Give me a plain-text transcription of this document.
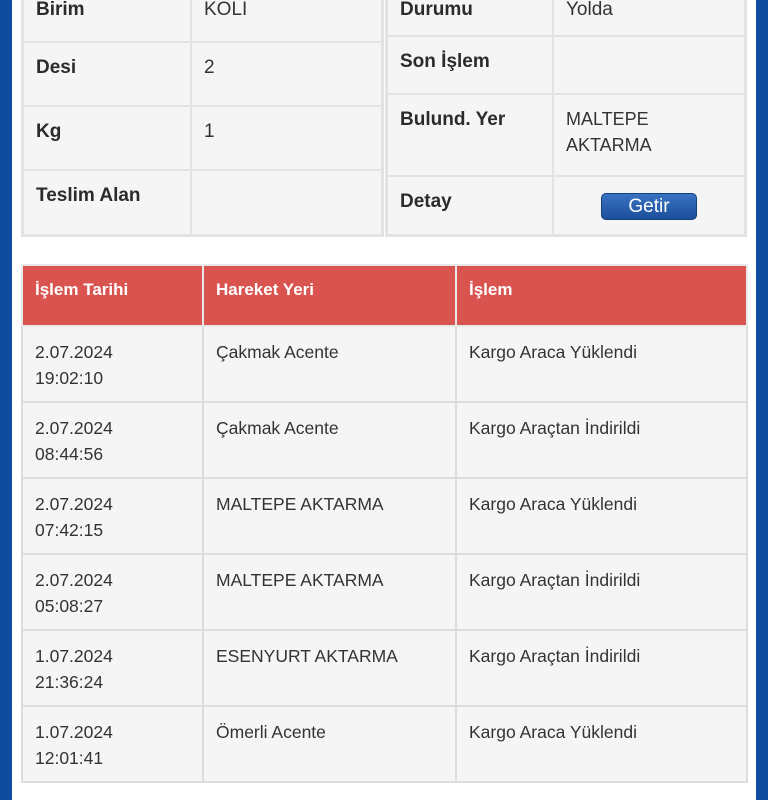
Birim	KOLİ

Desi	2

Kg	1

Teslim Alan	

Durumu	Yolda

Son İşlem	

Bulund. Yer	MALTEPE
AKTARMA

Detay	Getir
İşlem Tarihi	Hareket Yeri	İşlem

2.07.2024
19:02:10	Çakmak Acente	Kargo Araca Yüklendi

2.07.2024
08:44:56	Çakmak Acente	Kargo Araçtan İndirildi

2.07.2024
07:42:15	MALTEPE AKTARMA	Kargo Araca Yüklendi

2.07.2024
05:08:27	MALTEPE AKTARMA	Kargo Araçtan İndirildi

1.07.2024
21:36:24	ESENYURT AKTARMA	Kargo Araçtan İndirildi

1.07.2024
12:01:41	Ömerli Acente	Kargo Araca Yüklendi
